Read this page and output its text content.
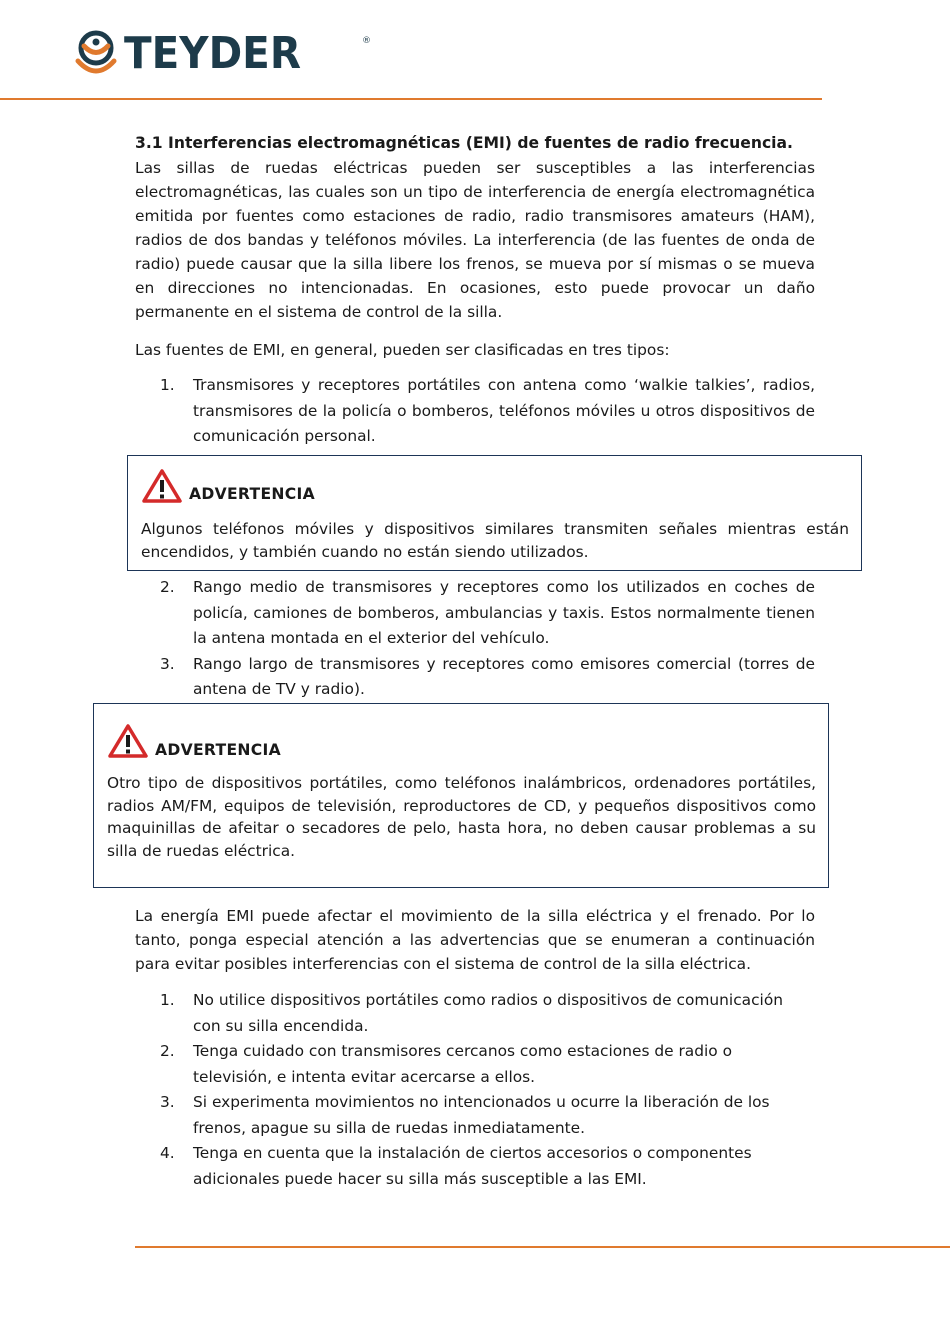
TEYDER	®
3.1 Interferencias electromagnéticas (EMI) de fuentes de radio frecuencia.

Las sillas de ruedas eléctricas pueden ser susceptibles a las interferencias electromagnéticas, las cuales son un tipo de interferencia de energía electromagnética emitida por fuentes como estaciones de radio, radio transmisores amateurs (HAM), radios de dos bandas y teléfonos móviles. La interferencia (de las fuentes de onda de radio) puede causar que la silla libere los frenos, se mueva por sí mismas o se mueva en direcciones no intencionadas. En ocasiones, esto puede provocar un daño permanente en el sistema de control de la silla.

Las fuentes de EMI, en general, pueden ser clasificadas en tres tipos:

1.	Transmisores y receptores portátiles con antena como ‘walkie talkies’, radios, transmisores de la policía o bomberos, teléfonos móviles u otros dispositivos de comunicación personal.
ADVERTENCIA
Algunos teléfonos móviles y dispositivos similares transmiten señales mientras están encendidos, y también cuando no están siendo utilizados.
2.	Rango medio de transmisores y receptores como los utilizados en coches de policía, camiones de bomberos, ambulancias y taxis. Estos normalmente tienen la antena montada en el exterior del vehículo.
3.	Rango largo de transmisores y receptores como emisores comercial (torres de antena de TV y radio).
ADVERTENCIA
Otro tipo de dispositivos portátiles, como teléfonos inalámbricos, ordenadores portátiles, radios AM/FM, equipos de televisión, reproductores de CD, y pequeños dispositivos como maquinillas de afeitar o secadores de pelo, hasta hora, no deben causar problemas a su silla de ruedas eléctrica.

La energía EMI puede afectar el movimiento de la silla eléctrica y el frenado. Por lo tanto, ponga especial atención a las advertencias que se enumeran a continuación para evitar posibles interferencias con el sistema de control de la silla eléctrica.

1.	No utilice dispositivos portátiles como radios o dispositivos de comunicación con su silla encendida.
2.	Tenga cuidado con transmisores cercanos como estaciones de radio o televisión, e intenta evitar acercarse a ellos.
3.	Si experimenta movimientos no intencionados u ocurre la liberación de los frenos, apague su silla de ruedas inmediatamente.
4.	Tenga en cuenta que la instalación de ciertos accesorios o componentes adicionales puede hacer su silla más susceptible a las EMI.
